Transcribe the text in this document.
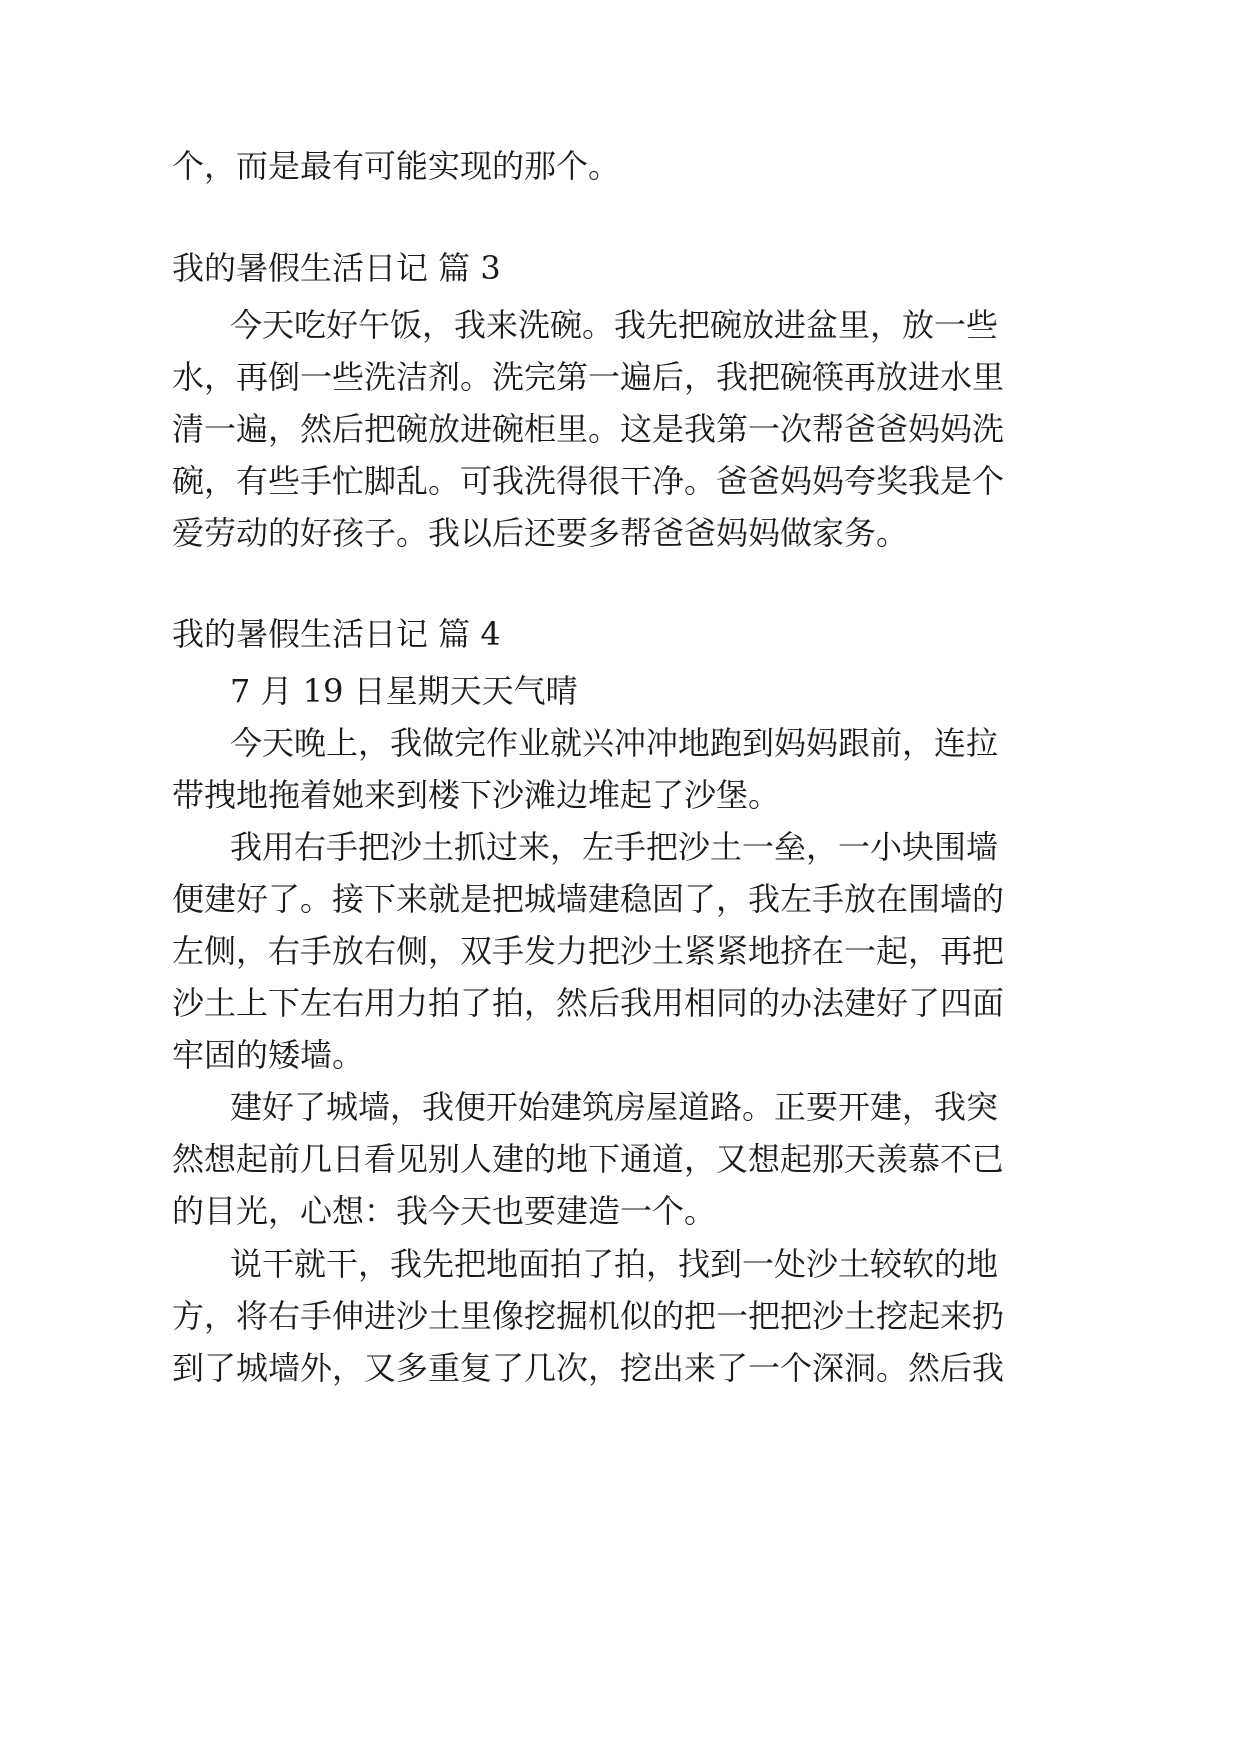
个，而是最有可能实现的那个。
我的暑假生活日记 篇 3
今天吃好午饭，我来洗碗。我先把碗放进盆里，放一些
水，再倒一些洗洁剂。洗完第一遍后，我把碗筷再放进水里
清一遍，然后把碗放进碗柜里。这是我第一次帮爸爸妈妈洗
碗，有些手忙脚乱。可我洗得很干净。爸爸妈妈夸奖我是个
爱劳动的好孩子。我以后还要多帮爸爸妈妈做家务。
我的暑假生活日记 篇 4
7 月 19 日星期天天气晴
今天晚上，我做完作业就兴冲冲地跑到妈妈跟前，连拉
带拽地拖着她来到楼下沙滩边堆起了沙堡。
我用右手把沙土抓过来，左手把沙土一垒，一小块围墙
便建好了。接下来就是把城墙建稳固了，我左手放在围墙的
左侧，右手放右侧，双手发力把沙土紧紧地挤在一起，再把
沙土上下左右用力拍了拍，然后我用相同的办法建好了四面
牢固的矮墙。
建好了城墙，我便开始建筑房屋道路。正要开建，我突
然想起前几日看见别人建的地下通道，又想起那天羡慕不已
的目光，心想：我今天也要建造一个。
说干就干，我先把地面拍了拍，找到一处沙土较软的地
方，将右手伸进沙土里像挖掘机似的把一把把沙土挖起来扔
到了城墙外，又多重复了几次，挖出来了一个深洞。然后我
